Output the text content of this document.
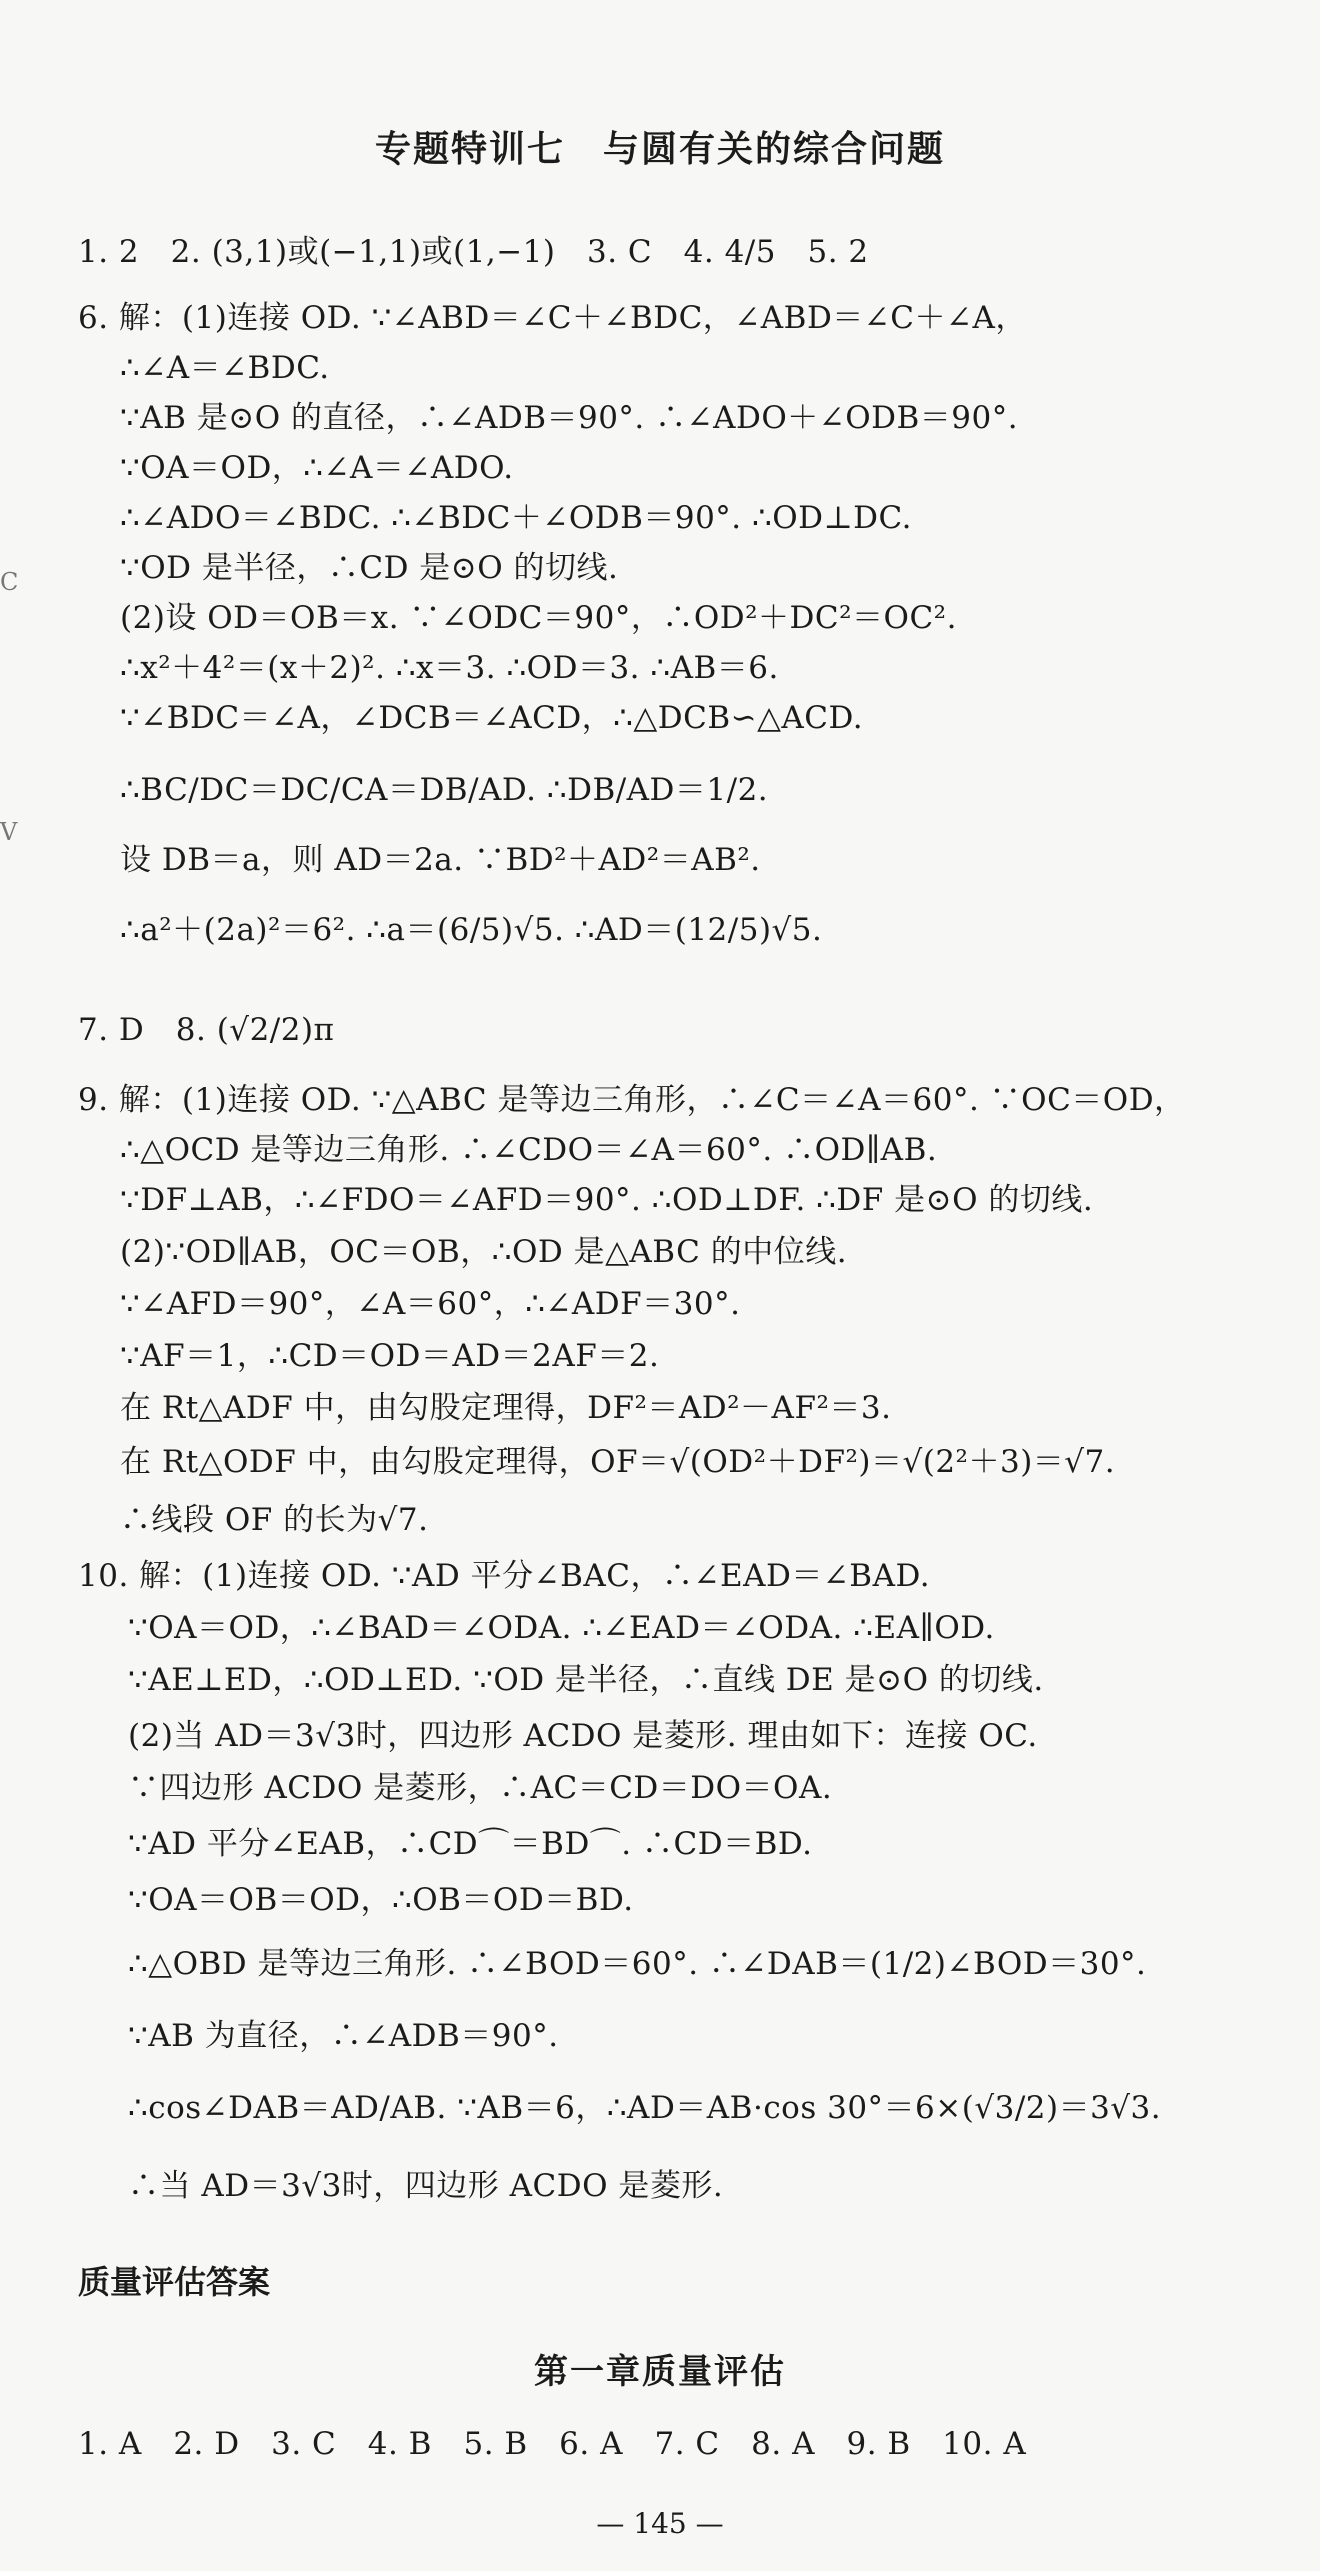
专题特训七　与圆有关的综合问题
1. 2　2. (3,1)或(−1,1)或(1,−1)　3. C　4. 4/5　5. 2
6. 解：(1)连接 OD. ∵∠ABD＝∠C＋∠BDC，∠ABD＝∠C＋∠A，
∴∠A＝∠BDC.
∵AB 是⊙O 的直径，∴∠ADB＝90°. ∴∠ADO＋∠ODB＝90°.
∵OA＝OD，∴∠A＝∠ADO.
∴∠ADO＝∠BDC. ∴∠BDC＋∠ODB＝90°. ∴OD⊥DC.
∵OD 是半径，∴CD 是⊙O 的切线.
(2)设 OD＝OB＝x. ∵∠ODC＝90°，∴OD²＋DC²＝OC².
∴x²＋4²＝(x＋2)². ∴x＝3. ∴OD＝3. ∴AB＝6.
∵∠BDC＝∠A，∠DCB＝∠ACD，∴△DCB∽△ACD.
∴BC/DC＝DC/CA＝DB/AD. ∴DB/AD＝1/2.
设 DB＝a，则 AD＝2a. ∵BD²＋AD²＝AB².
∴a²＋(2a)²＝6². ∴a＝(6/5)√5. ∴AD＝(12/5)√5.
7. D　8. (√2/2)π
9. 解：(1)连接 OD. ∵△ABC 是等边三角形，∴∠C＝∠A＝60°. ∵OC＝OD，
∴△OCD 是等边三角形. ∴∠CDO＝∠A＝60°. ∴OD∥AB.
∵DF⊥AB，∴∠FDO＝∠AFD＝90°. ∴OD⊥DF. ∴DF 是⊙O 的切线.
(2)∵OD∥AB，OC＝OB，∴OD 是△ABC 的中位线.
∵∠AFD＝90°，∠A＝60°，∴∠ADF＝30°.
∵AF＝1，∴CD＝OD＝AD＝2AF＝2.
在 Rt△ADF 中，由勾股定理得，DF²＝AD²－AF²＝3.
在 Rt△ODF 中，由勾股定理得，OF＝√(OD²＋DF²)＝√(2²＋3)＝√7.
∴线段 OF 的长为√7.
10. 解：(1)连接 OD. ∵AD 平分∠BAC，∴∠EAD＝∠BAD.
∵OA＝OD，∴∠BAD＝∠ODA. ∴∠EAD＝∠ODA. ∴EA∥OD.
∵AE⊥ED，∴OD⊥ED. ∵OD 是半径，∴直线 DE 是⊙O 的切线.
(2)当 AD＝3√3时，四边形 ACDO 是菱形. 理由如下：连接 OC.
∵四边形 ACDO 是菱形，∴AC＝CD＝DO＝OA.
∵AD 平分∠EAB，∴CD⌒＝BD⌒. ∴CD＝BD.
∵OA＝OB＝OD，∴OB＝OD＝BD.
∴△OBD 是等边三角形. ∴∠BOD＝60°. ∴∠DAB＝(1/2)∠BOD＝30°.
∵AB 为直径，∴∠ADB＝90°.
∴cos∠DAB＝AD/AB. ∵AB＝6，∴AD＝AB·cos 30°＝6×(√3/2)＝3√3.
∴当 AD＝3√3时，四边形 ACDO 是菱形.
质量评估答案
第一章质量评估
1. A　2. D　3. C　4. B　5. B　6. A　7. C　8. A　9. B　10. A
— 145 —
C
V
